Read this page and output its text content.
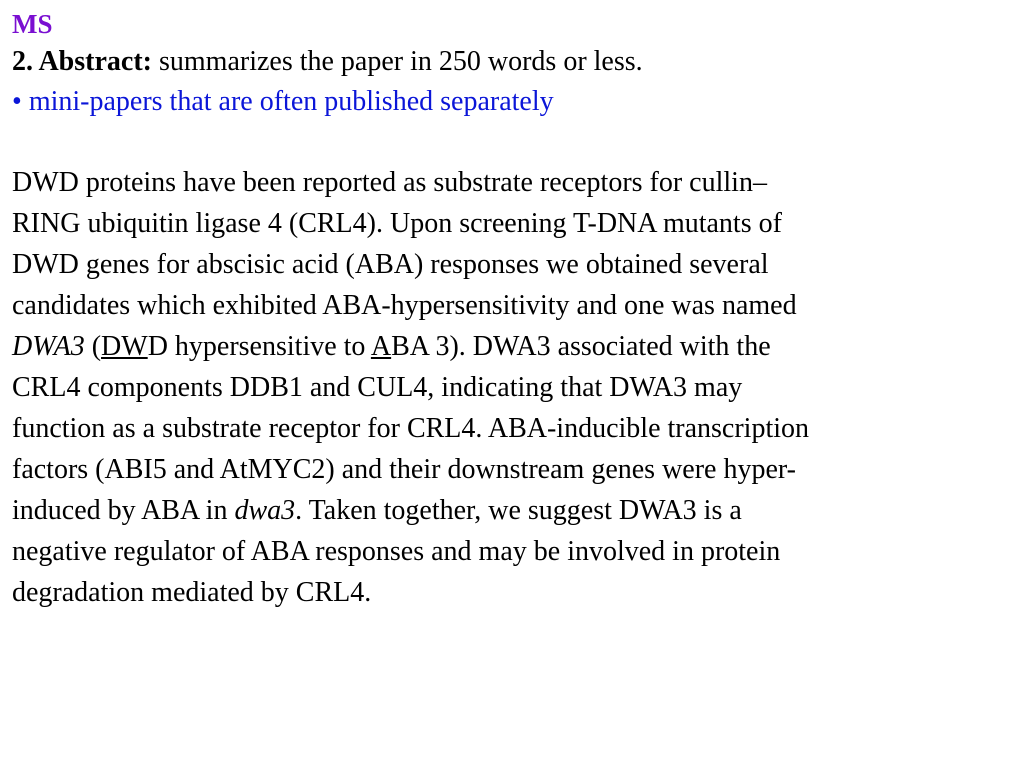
MS
2. Abstract: summarizes the paper in 250 words or less.
• mini-papers that are often published separately
DWD proteins have been reported as substrate receptors for cullin–
RING ubiquitin ligase 4 (CRL4). Upon screening T-DNA mutants of
DWD genes for abscisic acid (ABA) responses we obtained several
candidates which exhibited ABA-hypersensitivity and one was named
DWA3 (DWD hypersensitive to ABA 3). DWA3 associated with the
CRL4 components DDB1 and CUL4, indicating that DWA3 may
function as a substrate receptor for CRL4. ABA-inducible transcription
factors (ABI5 and AtMYC2) and their downstream genes were hyper-
induced by ABA in dwa3. Taken together, we suggest DWA3 is a
negative regulator of ABA responses and may be involved in protein
degradation mediated by CRL4.
